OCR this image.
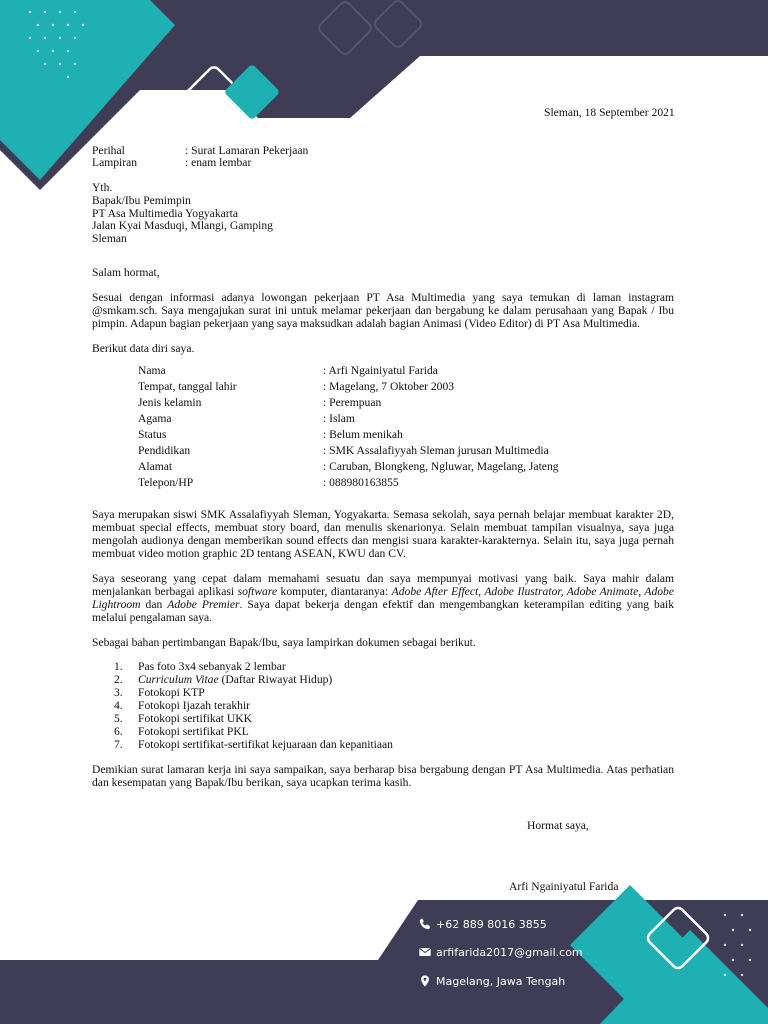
Sleman, 18 September 2021
Perihal	: Surat Lamaran Pekerjaan
Lampiran	: enam lembar
Yth.
Bapak/Ibu Pemimpin
PT Asa Multimedia Yogyakarta
Jalan Kyai Masduqi, Mlangi, Gamping
Sleman
Salam hormat,
Sesuai dengan informasi adanya lowongan pekerjaan PT Asa Multimedia yang saya temukan di laman instagram @smkam.sch. Saya mengajukan surat ini untuk melamar pekerjaan dan bergabung ke dalam perusahaan yang Bapak / Ibu pimpin. Adapun bagian pekerjaan yang saya maksudkan adalah bagian Animasi (Video Editor) di PT Asa Multimedia.
Berikut data diri saya.
Nama	: Arfi Ngainiyatul Farida
Tempat, tanggal lahir	: Magelang, 7 Oktober 2003
Jenis kelamin	: Perempuan
Agama	: Islam
Status	: Belum menikah
Pendidikan	: SMK Assalafiyyah Sleman jurusan Multimedia
Alamat	: Caruban, Blongkeng, Ngluwar, Magelang, Jateng
Telepon/HP	: 088980163855
Saya merupakan siswi SMK Assalafiyyah Sleman, Yogyakarta. Semasa sekolah, saya pernah belajar membuat karakter 2D, membuat special effects, membuat story board, dan menulis skenarionya. Selain membuat tampilan visualnya, saya juga mengolah audionya dengan memberikan sound effects dan mengisi suara karakter-karakternya. Selain itu, saya juga pernah membuat video motion graphic 2D tentang ASEAN, KWU dan CV.
Saya seseorang yang cepat dalam memahami sesuatu dan saya mempunyai motivasi yang baik. Saya mahir dalam menjalankan berbagai aplikasi software komputer, diantaranya: Adobe After Effect, Adobe Ilustrator, Adobe Animate, Adobe Lightroom dan Adobe Premier. Saya dapat bekerja dengan efektif dan mengembangkan keterampilan editing yang baik melalui pengalaman saya.
Sebagai bahan pertimbangan Bapak/Ibu, saya lampirkan dokumen sebagai berikut.
1. Pas foto 3x4 sebanyak 2 lembar
2. Curriculum Vitae (Daftar Riwayat Hidup)
3. Fotokopi KTP
4. Fotokopi Ijazah terakhir
5. Fotokopi sertifikat UKK
6. Fotokopi sertifikat PKL
7. Fotokopi sertifikat-sertifikat kejuaraan dan kepanitiaan
Demikian surat lamaran kerja ini saya sampaikan, saya berharap bisa bergabung dengan PT Asa Multimedia. Atas perhatian dan kesempatan yang Bapak/Ibu berikan, saya ucapkan terima kasih.
Hormat saya,
Arfi Ngainiyatul Farida
+62 889 8016 3855
arfifarida2017@gmail.com
Magelang, Jawa Tengah
